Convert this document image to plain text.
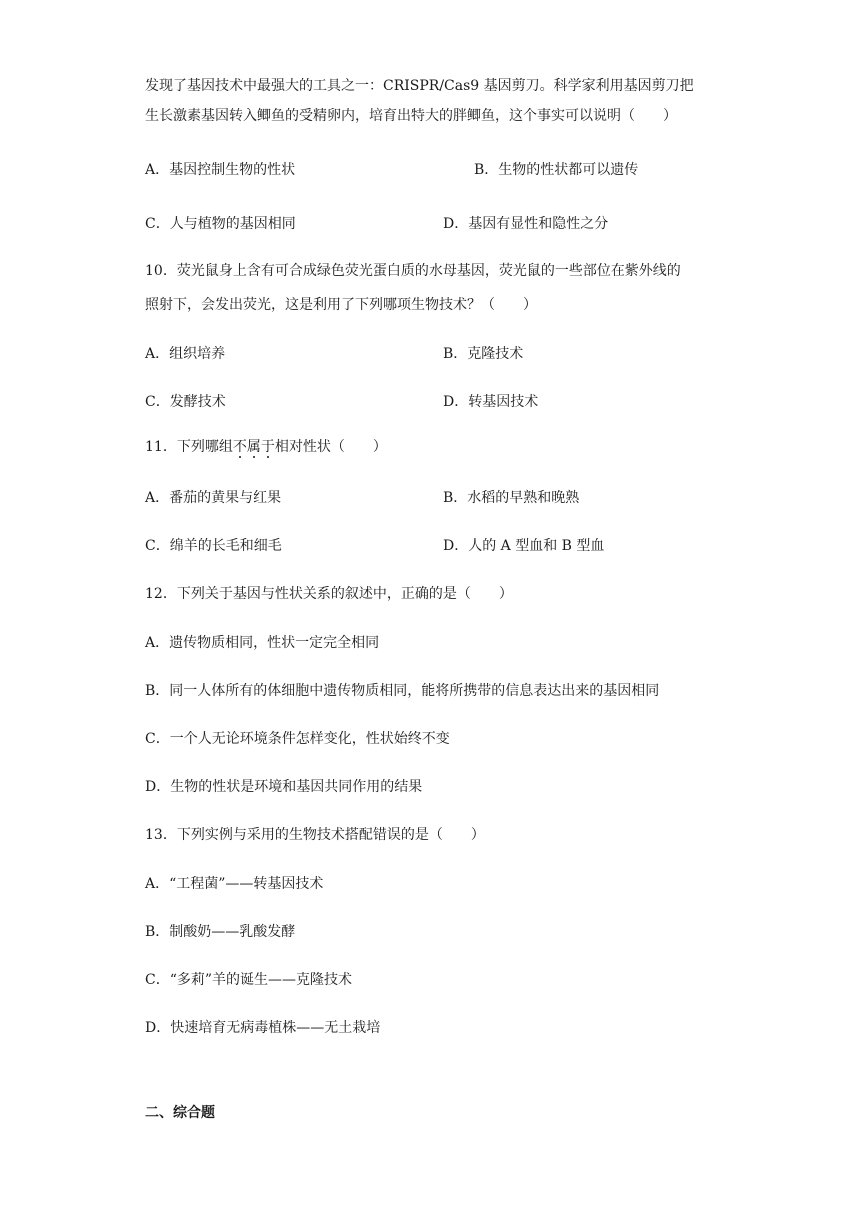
发现了基因技术中最强大的工具之一：CRISPR/Cas9 基因剪刀。科学家利用基因剪刀把
生长激素基因转入鲫鱼的受精卵内，培育出特大的胖鲫鱼，这个事实可以说明（　　）
A．基因控制生物的性状	B．生物的性状都可以遗传
C．人与植物的基因相同	D．基因有显性和隐性之分
10．荧光鼠身上含有可合成绿色荧光蛋白质的水母基因，荧光鼠的一些部位在紫外线的
照射下，会发出荧光，这是利用了下列哪项生物技术？（　　）
A．组织培养	B．克隆技术
C．发酵技术	D．转基因技术
11．下列哪组不属于
相对性状（　　）
A．番茄的黄果与红果	B．水稻的早熟和晚熟
C．绵羊的长毛和细毛	D．人的 A 型血和 B 型血
12．下列关于基因与性状关系的叙述中，正确的是（　　）
A．遗传物质相同，性状一定完全相同
B．同一人体所有的体细胞中遗传物质相同，能将所携带的信息表达出来的基因相同
C．一个人无论环境条件怎样变化，性状始终不变
D．生物的性状是环境和基因共同作用的结果
13．下列实例与采用的生物技术搭配错误的是（　　）
A．“工程菌”——转基因技术
B．制酸奶——乳酸发酵
C．“多莉”羊的诞生——克隆技术
D．快速培育无病毒植株——无土栽培
二、综合题
